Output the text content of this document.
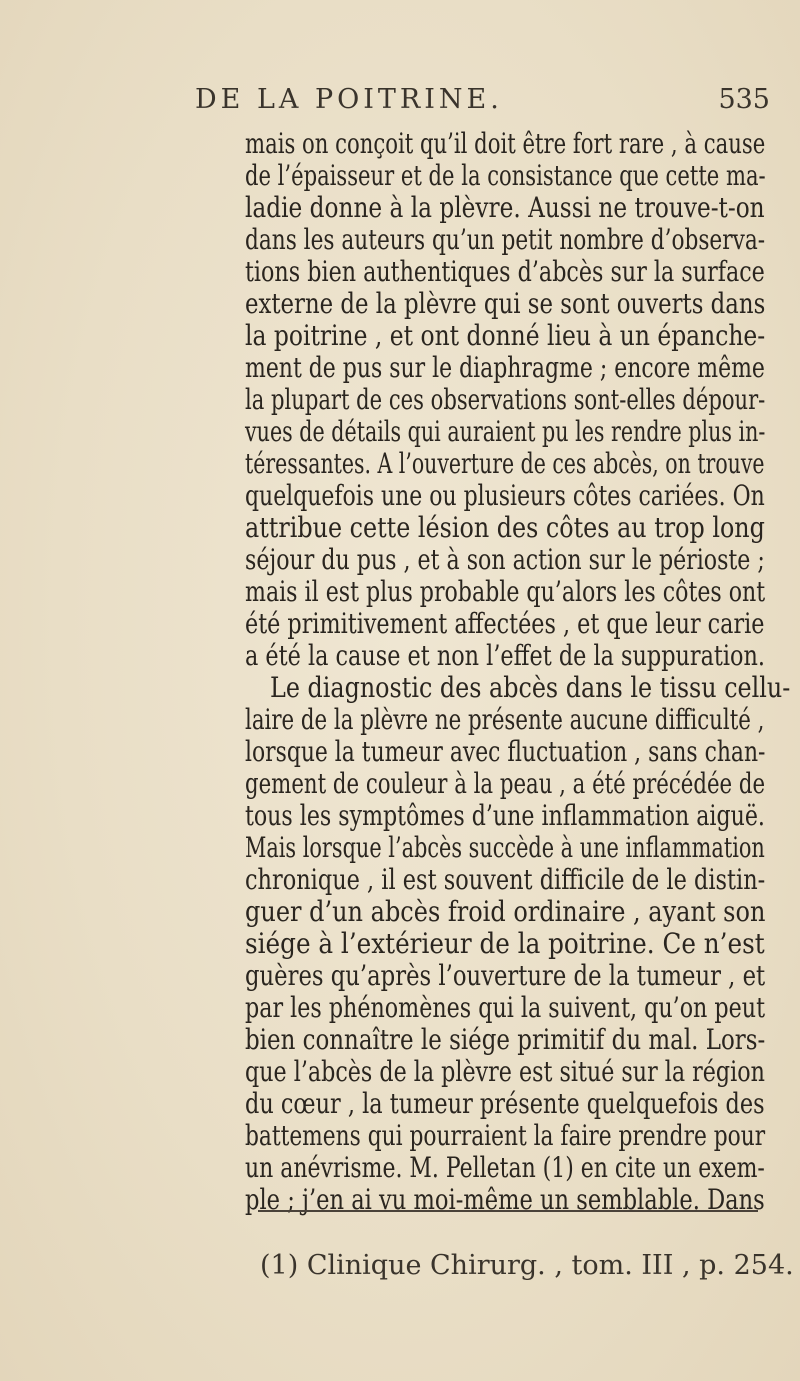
DE LA POITRINE.	535
mais on conçoit qu’il doit être fort rare , à cause
de l’épaisseur et de la consistance que cette ma-
ladie donne à la plèvre. Aussi ne trouve-t-on
dans les auteurs qu’un petit nombre d’observa-
tions bien authentiques d’abcès sur la surface
externe de la plèvre qui se sont ouverts dans
la poitrine , et ont donné lieu à un épanche-
ment de pus sur le diaphragme ; encore même
la plupart de ces observations sont-elles dépour-
vues de détails qui auraient pu les rendre plus in-
téressantes. A l’ouverture de ces abcès, on trouve
quelquefois une ou plusieurs côtes cariées. On
attribue cette lésion des côtes au trop long
séjour du pus , et à son action sur le périoste ;
mais il est plus probable qu’alors les côtes ont
été primitivement affectées , et que leur carie
a été la cause et non l’effet de la suppuration.
Le diagnostic des abcès dans le tissu cellu-
laire de la plèvre ne présente aucune difficulté ,
lorsque la tumeur avec fluctuation , sans chan-
gement de couleur à la peau , a été précédée de
tous les symptômes d’une inflammation aiguë.
Mais lorsque l’abcès succède à une inflammation
chronique , il est souvent difficile de le distin-
guer d’un abcès froid ordinaire , ayant son
siége à l’extérieur de la poitrine. Ce n’est
guères qu’après l’ouverture de la tumeur , et
par les phénomènes qui la suivent, qu’on peut
bien connaître le siége primitif du mal. Lors-
que l’abcès de la plèvre est situé sur la région
du cœur , la tumeur présente quelquefois des
battemens qui pourraient la faire prendre pour
un anévrisme. M. Pelletan (1) en cite un exem-
ple ; j’en ai vu moi-même un semblable. Dans
(1) Clinique Chirurg. , tom. III , p. 254.
